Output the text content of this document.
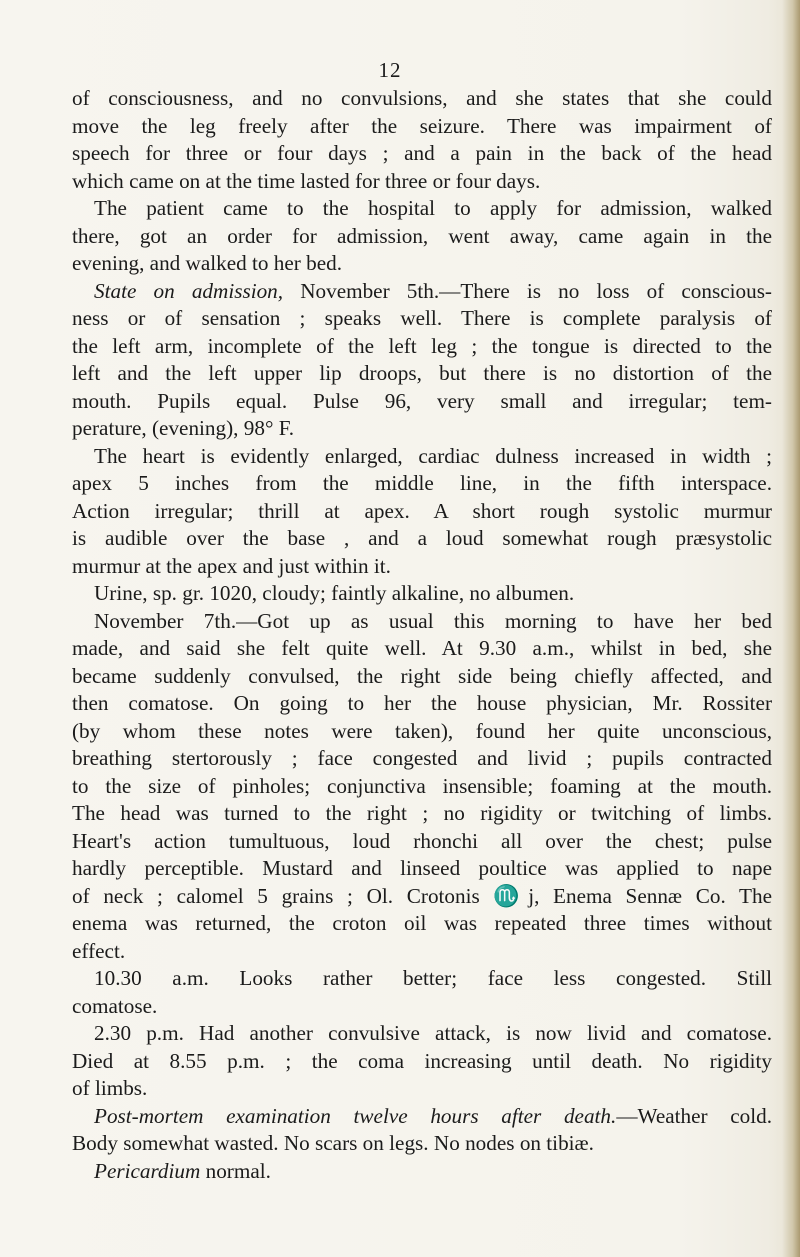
12
of consciousness, and no convulsions, and she states that she could
move the leg freely after the seizure. There was impairment of
speech for three or four days ; and a pain in the back of the head
which came on at the time lasted for three or four days.
The patient came to the hospital to apply for admission, walked
there, got an order for admission, went away, came again in the
evening, and walked to her bed.
State on admission, November 5th.—There is no loss of conscious-
ness or of sensation ; speaks well. There is complete paralysis of
the left arm, incomplete of the left leg ; the tongue is directed to the
left and the left upper lip droops, but there is no distortion of the
mouth. Pupils equal. Pulse 96, very small and irregular; tem-
perature, (evening), 98° F.
The heart is evidently enlarged, cardiac dulness increased in width ;
apex 5 inches from the middle line, in the fifth interspace.
Action irregular; thrill at apex. A short rough systolic murmur
is audible over the base , and a loud somewhat rough præsystolic
murmur at the apex and just within it.
Urine, sp. gr. 1020, cloudy; faintly alkaline, no albumen.
November 7th.—Got up as usual this morning to have her bed
made, and said she felt quite well. At 9.30 a.m., whilst in bed, she
became suddenly convulsed, the right side being chiefly affected, and
then comatose. On going to her the house physician, Mr. Rossiter
(by whom these notes were taken), found her quite unconscious,
breathing stertorously ; face congested and livid ; pupils contracted
to the size of pinholes; conjunctiva insensible; foaming at the mouth.
The head was turned to the right ; no rigidity or twitching of limbs.
Heart's action tumultuous, loud rhonchi all over the chest; pulse
hardly perceptible. Mustard and linseed poultice was applied to nape
of neck ; calomel 5 grains ; Ol. Crotonis ♏j, Enema Sennæ Co. The
enema was returned, the croton oil was repeated three times without
effect.
10.30 a.m. Looks rather better; face less congested. Still
comatose.
2.30 p.m. Had another convulsive attack, is now livid and comatose.
Died at 8.55 p.m. ; the coma increasing until death. No rigidity
of limbs.
Post-mortem examination twelve hours after death.—Weather cold.
Body somewhat wasted. No scars on legs. No nodes on tibiæ.
Pericardium normal.
